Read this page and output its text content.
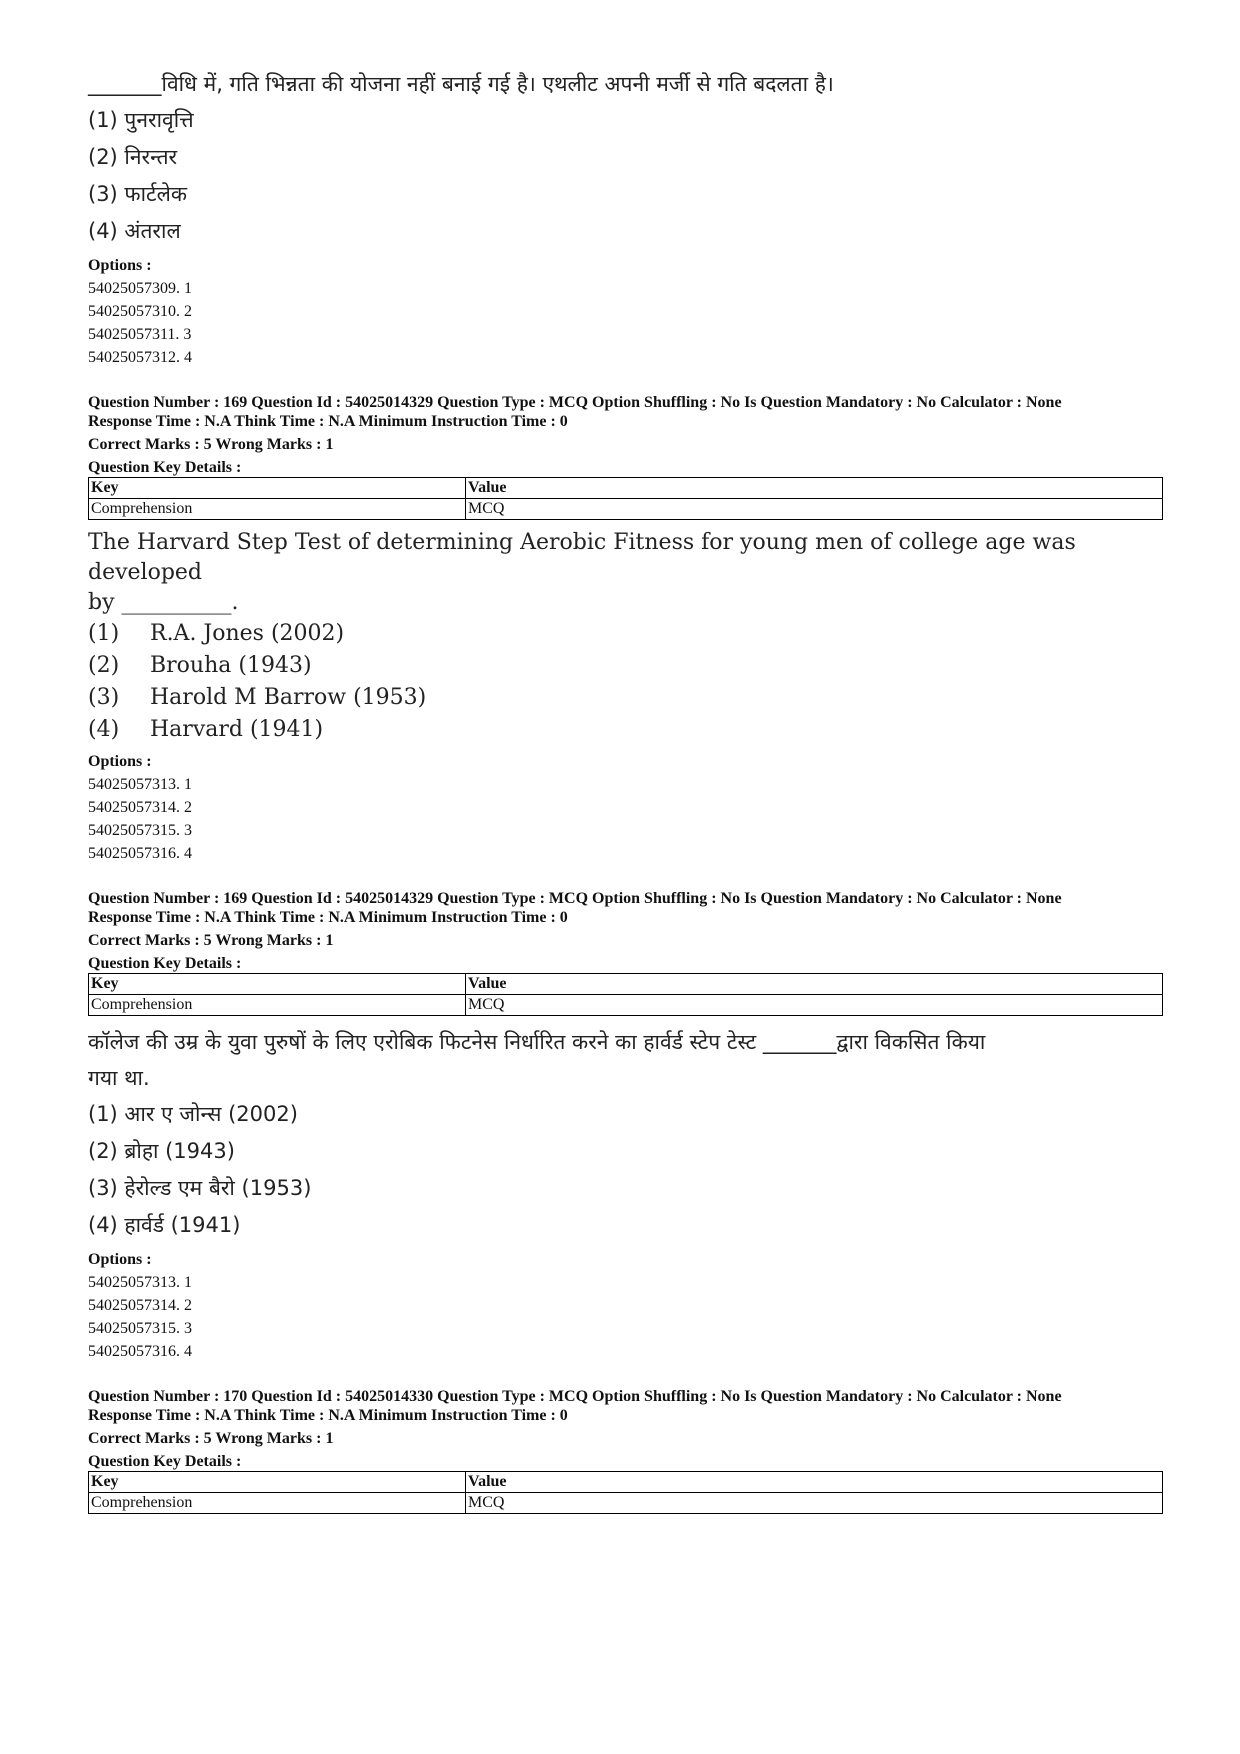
_______विधि में, गति भिन्नता की योजना नहीं बनाई गई है। एथलीट अपनी मर्जी से गति बदलता है।

(1) पुनरावृत्ति

(2) निरन्तर

(3) फार्टलेक

(4) अंतराल

Options :
54025057309. 1
54025057310. 2
54025057311. 3
54025057312. 4

Question Number : 169 Question Id : 54025014329 Question Type : MCQ Option Shuffling : No Is Question Mandatory : No Calculator : None

Response Time : N.A Think Time : N.A Minimum Instruction Time : 0

Correct Marks : 5 Wrong Marks : 1

Question Key Details :

Key	Value
Comprehension	MCQ

The Harvard Step Test of determining Aerobic Fitness for young men of college age was developed

by __________.

(1)	R.A. Jones (2002)
(2)	Brouha (1943)
(3)	Harold M Barrow (1953)
(4)	Harvard (1941)
Options :
54025057313. 1
54025057314. 2
54025057315. 3
54025057316. 4

Question Number : 169 Question Id : 54025014329 Question Type : MCQ Option Shuffling : No Is Question Mandatory : No Calculator : None

Response Time : N.A Think Time : N.A Minimum Instruction Time : 0

Correct Marks : 5 Wrong Marks : 1

Question Key Details :

Key	Value
Comprehension	MCQ

कॉलेज की उम्र के युवा पुरुषों के लिए एरोबिक फिटनेस निर्धारित करने का हार्वर्ड स्टेप टेस्ट _______द्वारा विकसित किया

गया था.

(1) आर ए जोन्स (2002)

(2) ब्रोहा (1943)

(3) हेरोल्ड एम बैरो (1953)

(4) हार्वर्ड (1941)

Options :
54025057313. 1
54025057314. 2
54025057315. 3
54025057316. 4

Question Number : 170 Question Id : 54025014330 Question Type : MCQ Option Shuffling : No Is Question Mandatory : No Calculator : None

Response Time : N.A Think Time : N.A Minimum Instruction Time : 0

Correct Marks : 5 Wrong Marks : 1

Question Key Details :

Key	Value
Comprehension	MCQ
